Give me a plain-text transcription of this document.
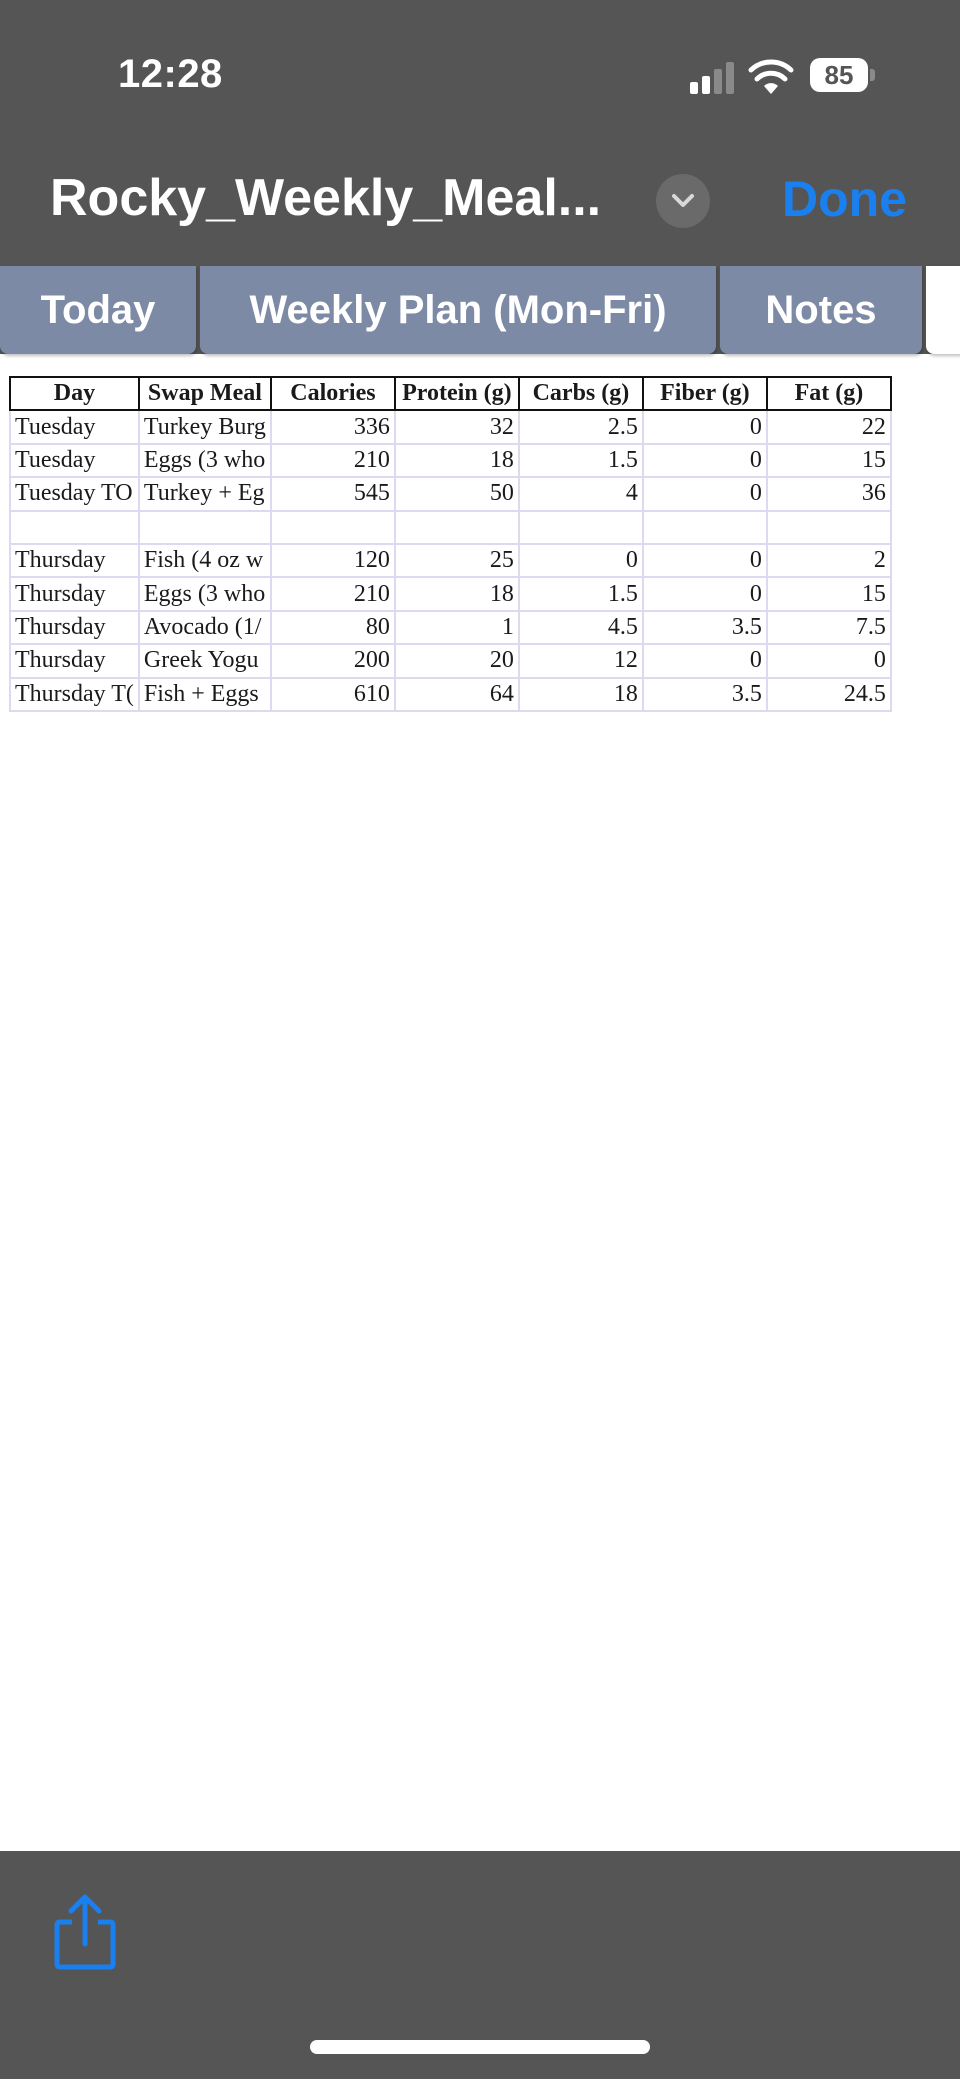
12:28	85
Rocky_Weekly_Meal...	Done
Today	Weekly Plan (Mon-Fri)	Notes
Day	Swap Meal	Calories	Protein (g)	Carbs (g)	Fiber (g)	Fat (g)
Tuesday	Turkey Burg	336	32	2.5	0	22
Tuesday	Eggs (3 who	210	18	1.5	0	15
Tuesday TO	Turkey + Eg	545	50	4	0	36

Thursday	Fish (4 oz w	120	25	0	0	2
Thursday	Eggs (3 who	210	18	1.5	0	15
Thursday	Avocado (1/	80	1	4.5	3.5	7.5
Thursday	Greek Yogu	200	20	12	0	0
Thursday T(	Fish + Eggs	610	64	18	3.5	24.5
